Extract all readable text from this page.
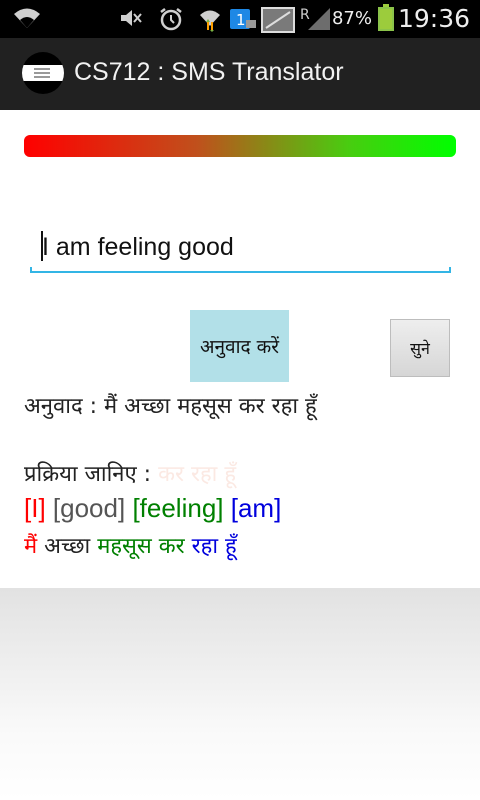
1	R 87% 19:36
CS712 : SMS Translator
I am feeling good
अनुवाद करें	सुने
अनुवाद : मैं अच्छा महसूस कर रहा हूँ
प्रक्रिया जानिए : कर रहा हूँ
[I] [good] [feeling] [am]
मैं अच्छा महसूस कर रहा हूँ
